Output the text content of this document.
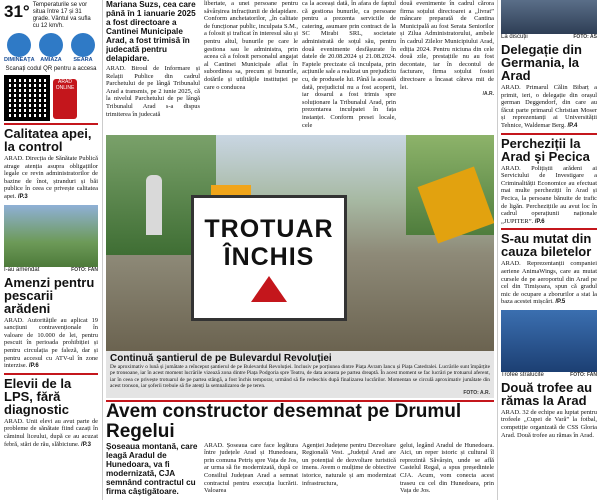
31° Temperaturile se vor situa între 17 și 31 grade. Vântul va sufla cu 12 km/h.
DIMINEAȚA	AMIAZA	SEARA
Scanați codul QR pentru a accesa
ARAD ONLINE
Calitatea apei, la control

ARAD. Direcția de Sănătate Publică atrage atenția asupra obligațiilor legale ce revin administratorilor de bazine de înot, ștranduri și băi publice în ceea ce privește calitatea apei. /P.3

Î-au amendat	FOTO: FAN
Amenzi pentru pescarii arădeni

ARAD. Autoritățile au aplicat 19 sancțiuni contravenționale în valoare de 10.000 de lei, pentru pescuit în perioada prohibiției și pentru circulația pe faleză, dar și pentru accesul cu ATV-ul în zone interzise. /P.6

Elevii de la LPS, fără diagnostic

ARAD. Unii elevi au avut parte de probleme de sănătate fiind cazați în căminul liceului, după ce au acuzat febră, stări de rău, slăbiciune. /P.3

Mariana Suzs, cea care până în 1 ianuarie 2025 a fost directoare a Cantinei Municipale Arad, a fost trimisă în judecată pentru delapidare.

ARAD. Biroul de Informare și Relații Publice din cadrul Parchetului de pe lângă Tribunalul Arad a transmis, pe 2 iunie 2025, că la nivelul Parchetului de pe lângă Tribunalul Arad s-a dispus trimiterea în judecată

libertate, a unei persoane pentru săvârșirea infracțiunii de delapidare. Conform anchetatorilor, „în calitate de funcționar public, inculpata S.M., a folosit și traficat în interesul său și pentru altul, bunurile pe care le gestiona sau le administra, prin aceea că a folosit personalul angajat al Cantinei Municipale aflat în subordinea sa, precum și bunurile, dotările și utilitățile instituției pe care o conducea

ca la aceeași dată, în afara de faptul că gestiona bunurile, ca persoane pentru a prezenta serviciile de catering, asumare prin contract de la SC Mirabi SRL, societate administrată de soțul său, pentru două evenimente desfășurate în datele de 20.08.2024 și 21.08.2024. Faptele precizate că inculpata, prin acțiunile sale a realizat un prejudiciu cu, de produsele lui. Până la această dată, prejudiciul nu a fost acoperit, iar dosarul a fost trimis spre soluționare la Tribunalul Arad, prin prezentarea inculpatei în fața instanței. Conform presei locale, cele

două evenimente în cadrul cărora firma soțului directoarei a „livrat” mâncare preparată de Cantina Municipală au fost Serata Seniorilor și Zilua Administratorului, ambele în cadrul Zilelor Municipiului Arad, ediția 2024. Pentru niciuna din cele două zile, prestațiile nu au fost decontate, iar în decontul de facturare, firma soțului fostei directoare a încasat câteva mii de lei.

/A.R.
TROTUAR
ÎNCHIS
Continuă șantierul de pe Bulevardul Revoluției

De aproximativ o lună și jumătate a reînceput șantierul de pe Bulevardul Revoluției. Inclusiv pe porțiunea dintre Piața Avram Iancu și Piața Catedralei. Lucrările sunt împărțite pe tronsoane, iar în acest moment lucrările vizează zona dintre Piața Podgoria spre Teatru, de data aceasta pe partea dreaptă. În acest moment se fac lucrări pe trotuarul aferent, iar în ceea ce privește trotuarul de pe partea stângă, a fost închis temporar, urmând să fie redeschis după finalizarea lucrărilor. Momentan se circulă aproximativ jumătate din acest tronson, iar șoferii trebuie să fie atenți la semnalizarea de pe teren.

FOTO: A.R.
Avem constructor desemnat pe Drumul Regelui
Șoseaua montană, care leagă Aradul de Hunedoara, va fi modernizată, CJA semnând contractul cu firma câștigătoare.

ARAD. Șoseaua care face legătura între județele Arad și Hunedoara, prin comuna Petriș spre Vața de Jos, ar urma să fie modernizată, după ce Consiliul Județean Arad a semnat contractul pentru execuția lucrării. Valoarea

Agenției Județene pentru Dezvoltare Regională Vest. „Județul Arad are un potențial de dezvoltare turistică imens. Avem o mulțime de obiective istorice, naturale și am modernizat infrastructura,

gelui, legând Aradul de Hunedoara. Aici, un reper istoric și cultural îl reprezintă Săvârșin, unde se află Castelul Regal, a spus președintele CJA. Acum, vom conecta acest traseu cu cel din Hunedoara, prin Vața de Jos.

La discuții	FOTO: AS
Delegație din Germania, la Arad

ARAD. Primarul Călin Bibarț a primit, ieri, o delegație din orașul german Deggendorf, din care au făcut parte primarul Christian Moser și reprezentanți ai Universității Tehnice, Waldemar Berg. /P.4

Percheziții la Arad și Pecica

ARAD. Polițiștii arădeni ai Serviciului de Investigare a Criminalității Economice au efectuat mai multe percheziții în Arad și Pecica, la persoane bănuite de trafic de ligăn. Perchezițiile au avut loc în cadrul operațiunii naționale „JUPITER”. /P.6

S-au mutat din cauza biletelor

ARAD. Reprezentanții companiei aeriene AnimaWings, care au mutat cursele de pe aeroportul din Arad pe cel din Timișoara, spun că gradul mic de ocupare a zborurilor a stat la baza acestei mișcări. /P.5

Trofee strălucite	FOTO: FAN
Două trofee au rămas la Arad

ARAD. 32 de echipe au luptat pentru trofeele „Cupei de Vară” la fotbal, competiție organizată de CSS Gloria Arad. Două trofee au rămas în Arad.
